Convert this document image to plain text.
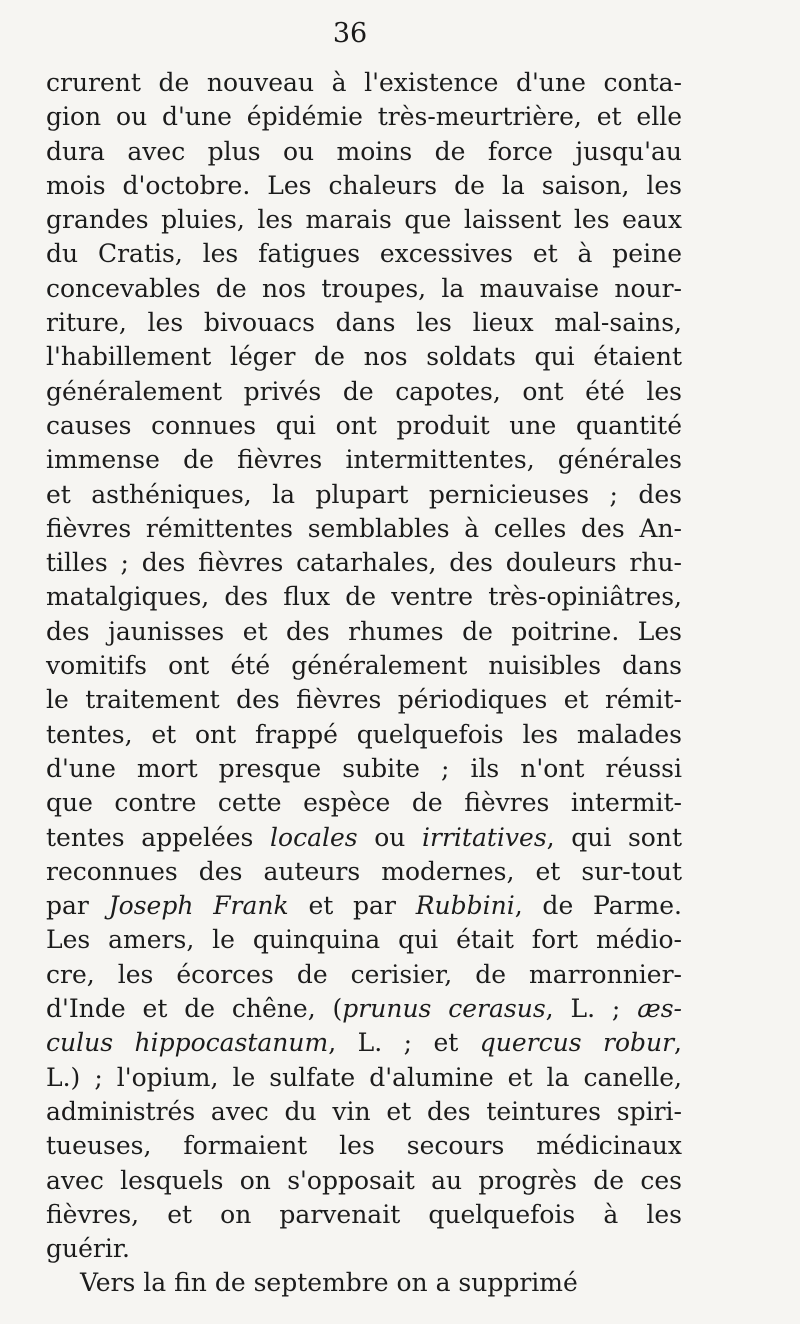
36
crurent de nouveau à l'existence d'une conta-
gion ou d'une épidémie très-meurtrière, et elle
dura avec plus ou moins de force jusqu'au
mois d'octobre. Les chaleurs de la saison, les
grandes pluies, les marais que laissent les eaux
du Cratis, les fatigues excessives et à peine
concevables de nos troupes, la mauvaise nour-
riture, les bivouacs dans les lieux mal-sains,
l'habillement léger de nos soldats qui étaient
généralement privés de capotes, ont été les
causes connues qui ont produit une quantité
immense de fièvres intermittentes, générales
et asthéniques, la plupart pernicieuses ; des
fièvres rémittentes semblables à celles des An-
tilles ; des fièvres catarhales, des douleurs rhu-
matalgiques, des flux de ventre très-opiniâtres,
des jaunisses et des rhumes de poitrine. Les
vomitifs ont été généralement nuisibles dans
le traitement des fièvres périodiques et rémit-
tentes, et ont frappé quelquefois les malades
d'une mort presque subite ; ils n'ont réussi
que contre cette espèce de fièvres intermit-
tentes appelées locales ou irritatives, qui sont
reconnues des auteurs modernes, et sur-tout
par Joseph Frank et par Rubbini, de Parme.
Les amers, le quinquina qui était fort médio-
cre, les écorces de cerisier, de marronnier-
d'Inde et de chêne, (prunus cerasus, L. ; æs-
culus hippocastanum, L. ; et quercus robur,
L.) ; l'opium, le sulfate d'alumine et la canelle,
administrés avec du vin et des teintures spiri-
tueuses, formaient les secours médicinaux
avec lesquels on s'opposait au progrès de ces
fièvres, et on parvenait quelquefois à les
guérir.
Vers la fin de septembre on a supprimé
